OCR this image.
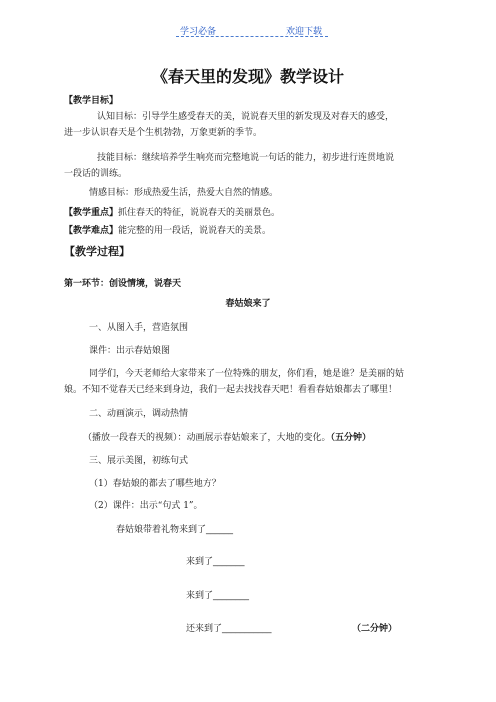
学习必备	欢迎下载
《春天里的发现》教学设计
【教学目标】
认知目标：引导学生感受春天的美，说说春天里的新发现及对春天的感受，
进一步认识春天是个生机勃勃，万象更新的季节。
技能目标：继续培养学生响亮而完整地说一句话的能力，初步进行连贯地说
一段话的训练。
情感目标：形成热爱生活，热爱大自然的情感。
【教学重点】抓住春天的特征，说说春天的美丽景色。
【教学难点】能完整的用一段话，说说春天的美景。
【教学过程】
第一环节：创设情境，说春天
春姑娘来了
一、从图入手，营造氛围
课件：出示春姑娘图
同学们，今天老师给大家带来了一位特殊的朋友，你们看，她是谁？是美丽的姑
娘。不知不觉春天已经来到身边，我们一起去找找春天吧！看看春姑娘都去了哪里！
二、动画演示，调动热情
（播放一段春天的视频）：动画展示春姑娘来了，大地的变化。（五分钟）
三、展示美图，初练句式
（1）春姑娘的都去了哪些地方？
（2）课件：出示“句式 1”。
春姑娘带着礼物来到了______
来到了_______
来到了________
还来到了___________	（二分钟）
